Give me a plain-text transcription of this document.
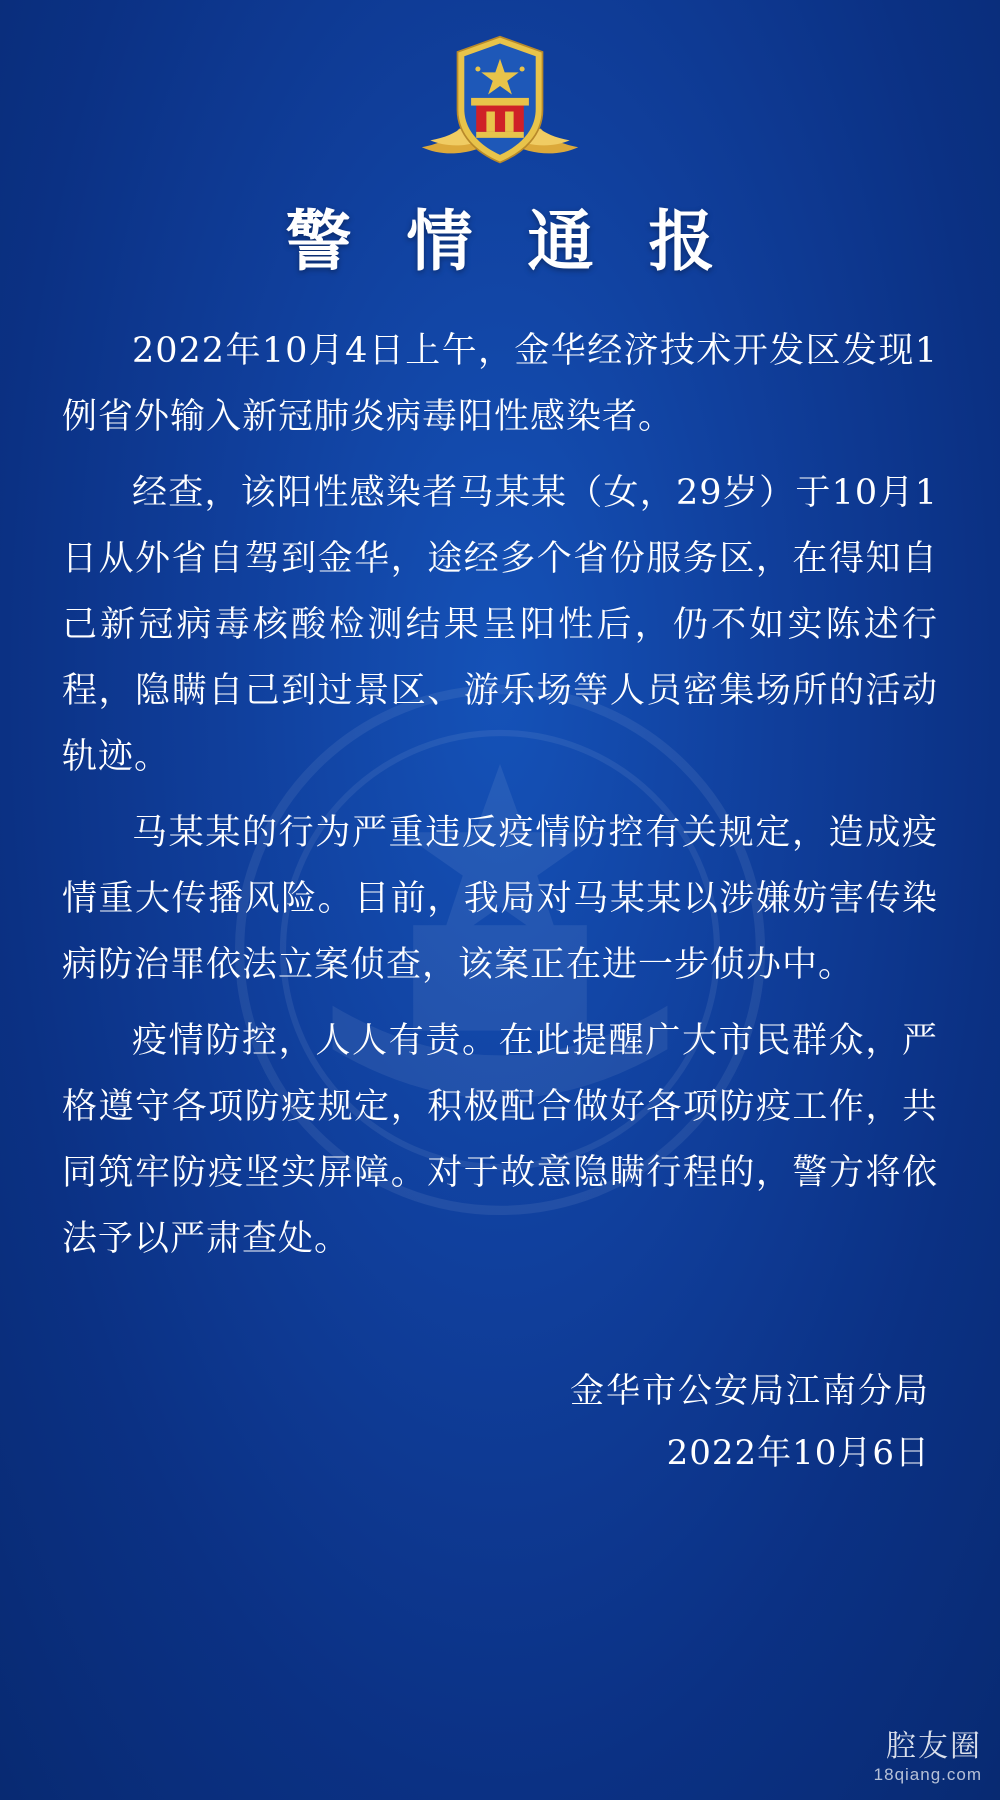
警 情 通 报

2022年10月4日上午，金华经济技术开发区发现1例省外输入新冠肺炎病毒阳性感染者。

经查，该阳性感染者马某某（女，29岁）于10月1日从外省自驾到金华，途经多个省份服务区，在得知自己新冠病毒核酸检测结果呈阳性后，仍不如实陈述行程，隐瞒自己到过景区、游乐场等人员密集场所的活动轨迹。

马某某的行为严重违反疫情防控有关规定，造成疫情重大传播风险。目前，我局对马某某以涉嫌妨害传染病防治罪依法立案侦查，该案正在进一步侦办中。

疫情防控，人人有责。在此提醒广大市民群众，严格遵守各项防疫规定，积极配合做好各项防疫工作，共同筑牢防疫坚实屏障。对于故意隐瞒行程的，警方将依法予以严肃查处。

金华市公安局江南分局
2022年10月6日
腔友圈
18qiang.com
